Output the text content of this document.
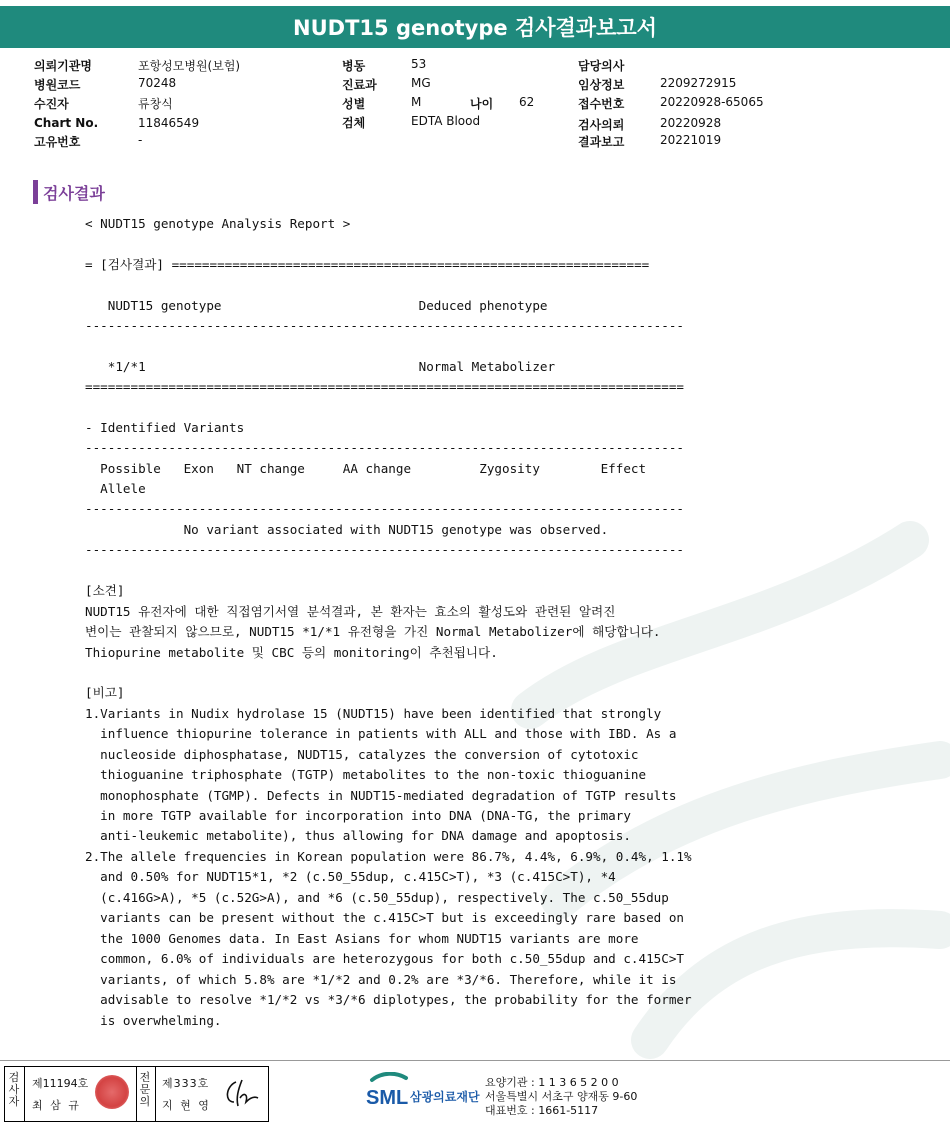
NUDT15 genotype 검사결과보고서
의뢰기관명	포항성모병원(보험)
병원코드	70248
수진자	류창식
Chart No.	11846549
고유번호	-
병동	53
진료과	MG
성별	M	나이 62
검체	EDTA Blood
담당의사
임상정보	2209272915
접수번호	20220928-65065
검사의뢰	20220928
결과보고	20221019
검사결과
< NUDT15 genotype Analysis Report >
= [검사결과] ===============================================================
NUDT15 genotype                          Deduced phenotype
-------------------------------------------------------------------------------
*1/*1                                    Normal Metabolizer
===============================================================================
- Identified Variants
-------------------------------------------------------------------------------
Possible   Exon   NT change     AA change         Zygosity        Effect
Allele
-------------------------------------------------------------------------------
No variant associated with NUDT15 genotype was observed.
-------------------------------------------------------------------------------
[소견]
NUDT15 유전자에 대한 직접염기서열 분석결과, 본 환자는 효소의 활성도와 관련된 알려진
변이는 관찰되지 않으므로, NUDT15 *1/*1 유전형을 가진 Normal Metabolizer에 해당합니다.
Thiopurine metabolite 및 CBC 등의 monitoring이 추천됩니다.
[비고]
1.Variants in Nudix hydrolase 15 (NUDT15) have been identified that strongly
influence thiopurine tolerance in patients with ALL and those with IBD. As a
nucleoside diphosphatase, NUDT15, catalyzes the conversion of cytotoxic
thioguanine triphosphate (TGTP) metabolites to the non-toxic thioguanine
monophosphate (TGMP). Defects in NUDT15-mediated degradation of TGTP results
in more TGTP available for incorporation into DNA (DNA-TG, the primary
anti-leukemic metabolite), thus allowing for DNA damage and apoptosis.
2.The allele frequencies in Korean population were 86.7%, 4.4%, 6.9%, 0.4%, 1.1%
and 0.50% for NUDT15*1, *2 (c.50_55dup, c.415C>T), *3 (c.415C>T), *4
(c.416G>A), *5 (c.52G>A), and *6 (c.50_55dup), respectively. The c.50_55dup
variants can be present without the c.415C>T but is exceedingly rare based on
the 1000 Genomes data. In East Asians for whom NUDT15 variants are more
common, 6.0% of individuals are heterozygous for both c.50_55dup and c.415C>T
variants, of which 5.8% are *1/*2 and 0.2% are *3/*6. Therefore, while it is
advisable to resolve *1/*2 vs *3/*6 diplotypes, the probability for the former
is overwhelming.
검
사
자
제11194호
최 삼 규
전
문
의
제333호
지 현 영	SML 삼광의료재단
요양기관 : 1 1 3 6 5 2 0 0
서울특별시 서초구 양재동 9-60
대표번호 : 1661-5117
